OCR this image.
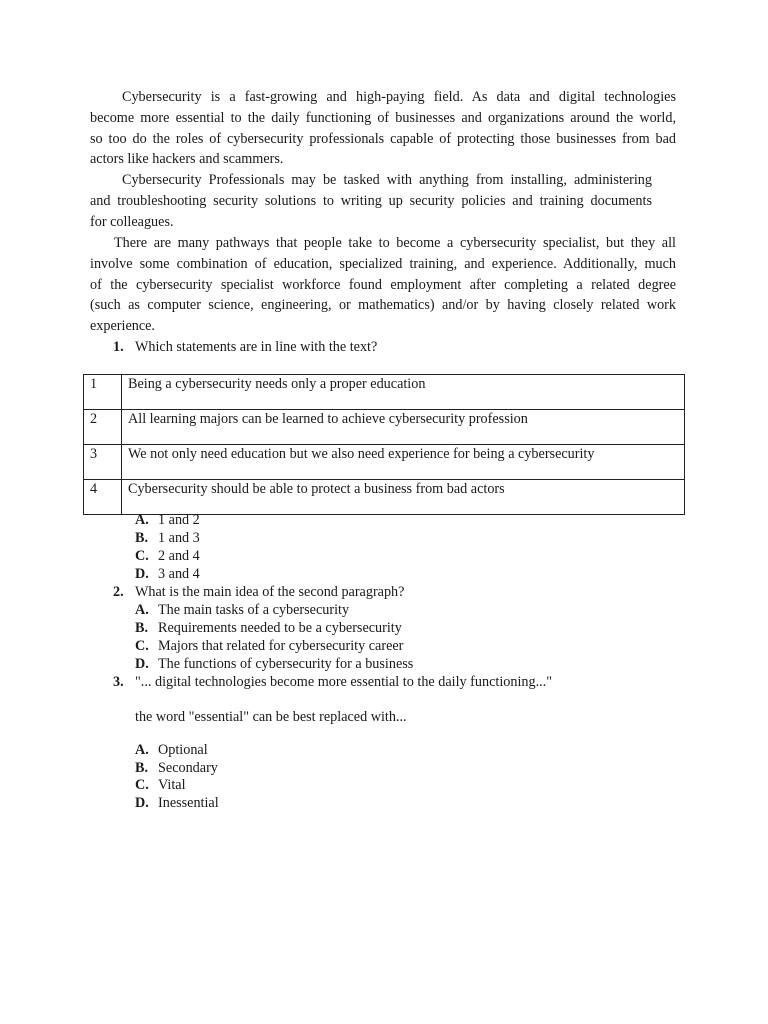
Cybersecurity is a fast-growing and high-paying field. As data and digital technologies
become more essential to the daily functioning of businesses and organizations around the world,
so too do the roles of cybersecurity professionals capable of protecting those businesses from bad
actors like hackers and scammers.

Cybersecurity Professionals may be tasked with anything from installing, administering
and troubleshooting security solutions to writing up security policies and training documents
for colleagues.

There are many pathways that people take to become a cybersecurity specialist, but they all
involve some combination of education, specialized training, and experience. Additionally, much
of the cybersecurity specialist workforce found employment after completing a related degree
(such as computer science, engineering, or mathematics) and/or by having closely related work
experience.

1. Which statements are in line with the text?
1	Being a cybersecurity needs only a proper education
2	All learning majors can be learned to achieve cybersecurity profession
3	We not only need education but we also need experience for being a cybersecurity
4	Cybersecurity should be able to protect a business from bad actors
A. 1 and 2
B. 1 and 3
C. 2 and 4
D. 3 and 4
2. What is the main idea of the second paragraph?
A. The main tasks of a cybersecurity
B. Requirements needed to be a cybersecurity
C. Majors that related for cybersecurity career
D. The functions of cybersecurity for a business
3. "... digital technologies become more essential to the daily functioning..."
the word "essential" can be best replaced with...
A. Optional
B. Secondary
C. Vital
D. Inessential
